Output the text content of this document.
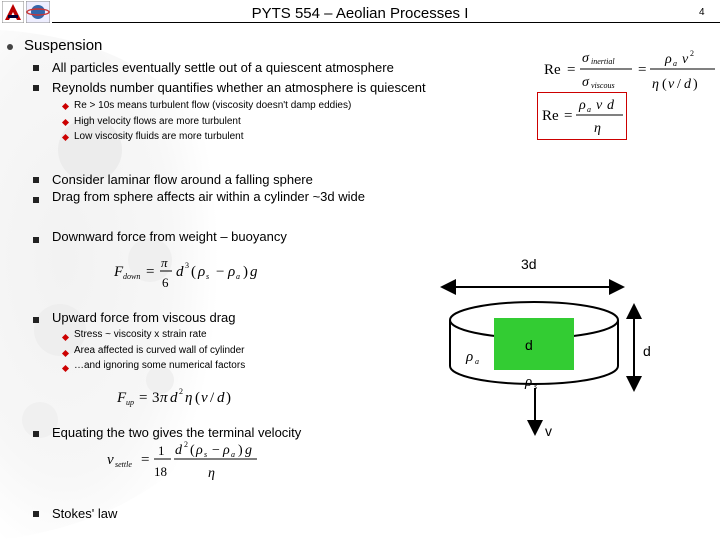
PYTS 554 – Aeolian Processes I	4
Suspension
All particles eventually settle out of a quiescent atmosphere
Reynolds number quantifies whether an atmosphere is quiescent
Re > 10s means turbulent flow (viscosity doesn't damp eddies)
High velocity flows are more turbulent
Low viscosity fluids are more turbulent
Consider laminar flow around a falling sphere
Drag from sphere affects air within a cylinder ~3d wide
Downward force from weight – buoyancy
Upward force from viscous drag
Stress ~ viscosity x strain rate
Area affected is curved wall of cylinder
…and ignoring some numerical factors
Equating the two gives the terminal velocity
Stokes' law
Re =
σ inertial
σ viscous
=
ρ a v 2
η ( v / d )
Re =
ρ a v d
η
F down =
π
6
d 3 ( ρ s − ρ a ) g
F up = 3 π d 2 η ( v / d )
v settle =
1
18
d 2 ( ρ s − ρ a ) g
η
ρ a
ρ s
3d
d	d
v
